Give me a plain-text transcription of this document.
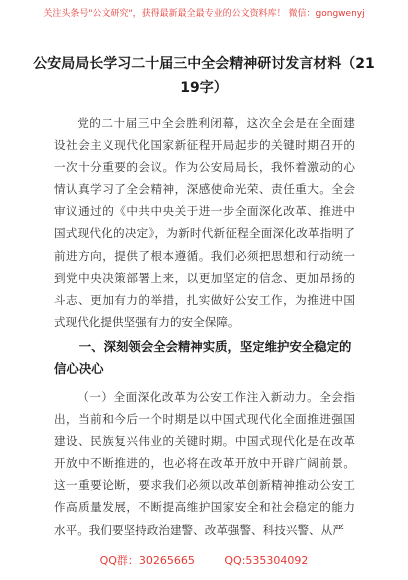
关注头条号"公文研究"，获得最新最全最专业的公文资料库！ 微信：gongwenyj
公安局局长学习二十届三中全会精神研讨发言材料（2119字）

党的二十届三中全会胜利闭幕，这次全会是在全面建设社会主义现代化国家新征程开局起步的关键时期召开的一次十分重要的会议。作为公安局局长，我怀着激动的心情认真学习了全会精神，深感使命光荣、责任重大。全会审议通过的《中共中央关于进一步全面深化改革、推进中国式现代化的决定》，为新时代新征程全面深化改革指明了前进方向，提供了根本遵循。我们必须把思想和行动统一到党中央决策部署上来，以更加坚定的信念、更加昂扬的斗志、更加有力的举措，扎实做好公安工作，为推进中国式现代化提供坚强有力的安全保障。

一、深刻领会全会精神实质，坚定维护安全稳定的信心决心

（一）全面深化改革为公安工作注入新动力。全会指出，当前和今后一个时期是以中国式现代化全面推进强国建设、民族复兴伟业的关键时期。中国式现代化是在改革开放中不断推进的，也必将在改革开放中开辟广阔前景。这一重要论断，要求我们必须以改革创新精神推动公安工作高质量发展，不断提高维护国家安全和社会稳定的能力水平。我们要坚持政治建警、改革强警、科技兴警、从严

QQ群：30265665	QQ:535304092
